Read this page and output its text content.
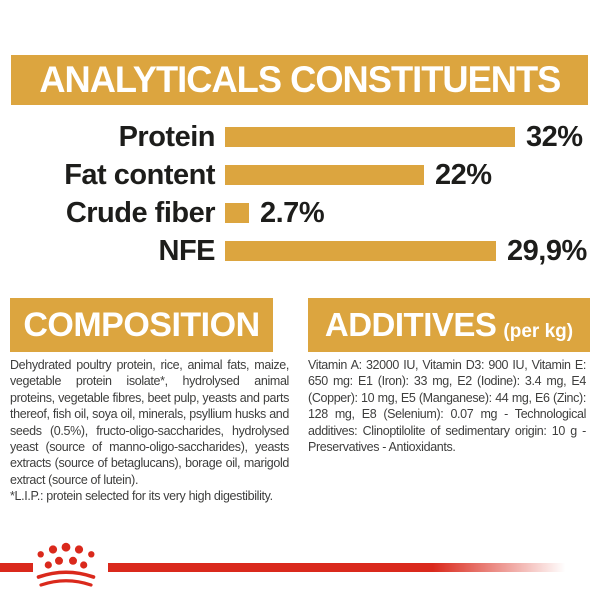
ANALYTICALS CONSTITUENTS
Protein	32%
Fat content	22%
Crude fiber 2.7%
NFE	29,9%
COMPOSITION ADDITIVES (per kg)
Dehydrated poultry protein, rice, animal fats, maize, vegetable protein isolate*, hydrolysed animal proteins, vegetable fibres, beet pulp, yeasts and parts thereof, fish oil, soya oil, minerals, psyllium husks and seeds (0.5%), fructo-oligo-saccharides, hydrolysed yeast (source of manno-oligo-saccharides), yeasts extracts (source of betaglucans), borage oil, marigold extract (source of lutein).
*L.I.P.: protein selected for its very high digestibility.
Vitamin A: 32000 IU, Vitamin D3: 900 IU, Vitamin E: 650 mg: E1 (Iron): 33 mg, E2 (Iodine): 3.4 mg, E4 (Copper): 10 mg, E5 (Manganese): 44 mg, E6 (Zinc): 128 mg, E8 (Selenium): 0.07 mg - Technological additives: Clinoptilolite of sedimentary origin: 10 g - Preservatives - Antioxidants.
